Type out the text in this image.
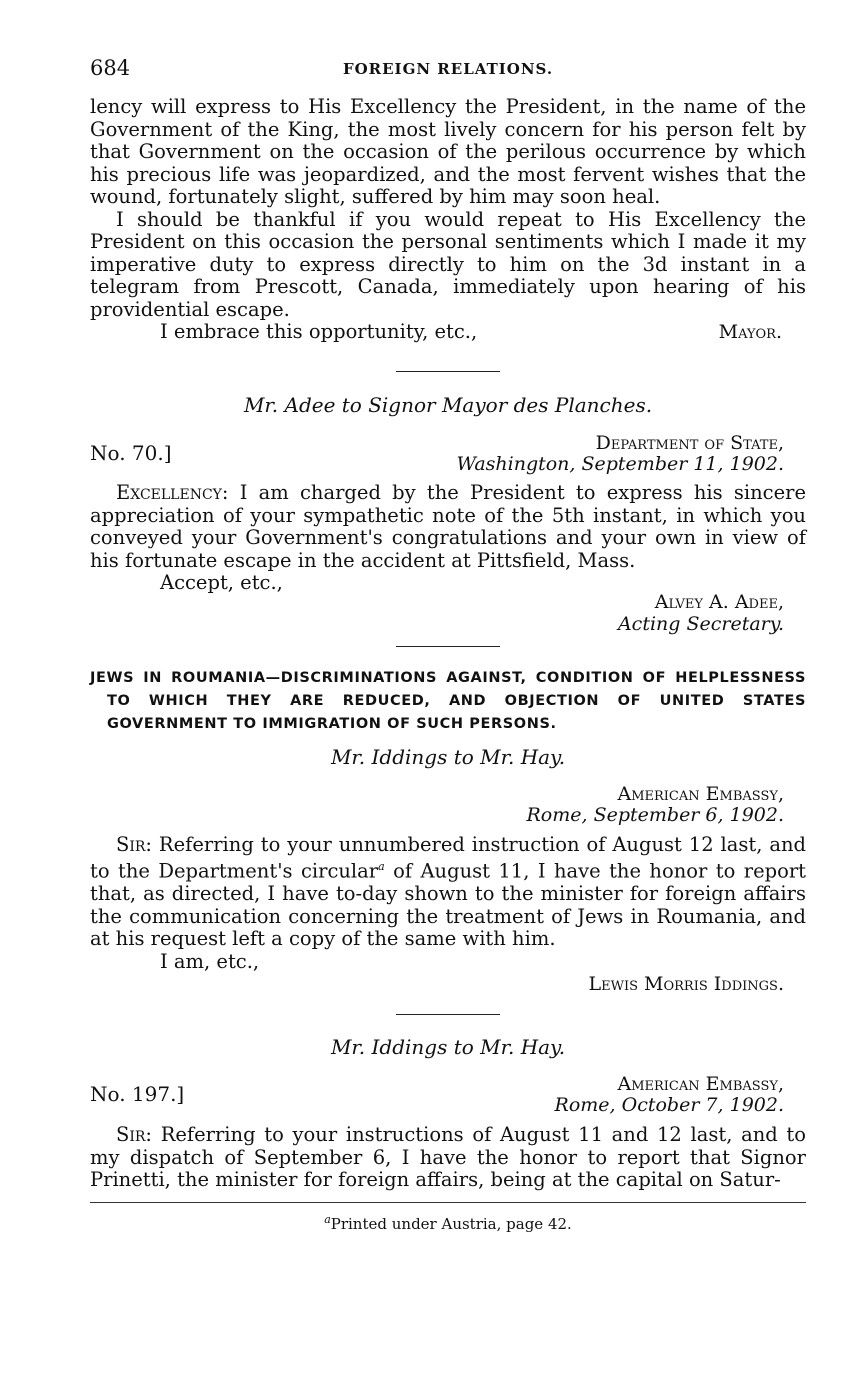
684	FOREIGN RELATIONS.

lency will express to His Excellency the President, in the name of the Government of the King, the most lively concern for his person felt by that Government on the occasion of the perilous occurrence by which his precious life was jeopardized, and the most fervent wishes that the wound, fortunately slight, suffered by him may soon heal.

I should be thankful if you would repeat to His Excellency the President on this occasion the personal sentiments which I made it my imperative duty to express directly to him on the 3d instant in a telegram from Prescott, Canada, immediately upon hearing of his providential escape.

I embrace this opportunity, etc.,	Mayor.
Mr. Adee to Signor Mayor des Planches.
No. 70.]	Department of State,
Washington, September 11, 1902.

Excellency: I am charged by the President to express his sincere appreciation of your sympathetic note of the 5th instant, in which you conveyed your Government's congratulations and your own in view of his fortunate escape in the accident at Pittsfield, Mass.

Accept, etc.,

Alvey A. Adee,
Acting Secretary.
JEWS IN ROUMANIA—DISCRIMINATIONS AGAINST, CONDITION OF HELPLESSNESS TO WHICH THEY ARE REDUCED, AND OBJECTION OF UNITED STATES GOVERNMENT TO IMMIGRATION OF SUCH PERSONS.
Mr. Iddings to Mr. Hay.
American Embassy,
Rome, September 6, 1902.

Sir: Referring to your unnumbered instruction of August 12 last, and to the Department's circular$^a$ of August 11, I have the honor to report that, as directed, I have to-day shown to the minister for foreign affairs the communication concerning the treatment of Jews in Roumania, and at his request left a copy of the same with him.

I am, etc.,

Lewis Morris Iddings.
Mr. Iddings to Mr. Hay.
No. 197.]	American Embassy,
Rome, October 7, 1902.

Sir: Referring to your instructions of August 11 and 12 last, and to my dispatch of September 6, I have the honor to report that Signor Prinetti, the minister for foreign affairs, being at the capital on Satur-

$^a$Printed under Austria, page 42.
